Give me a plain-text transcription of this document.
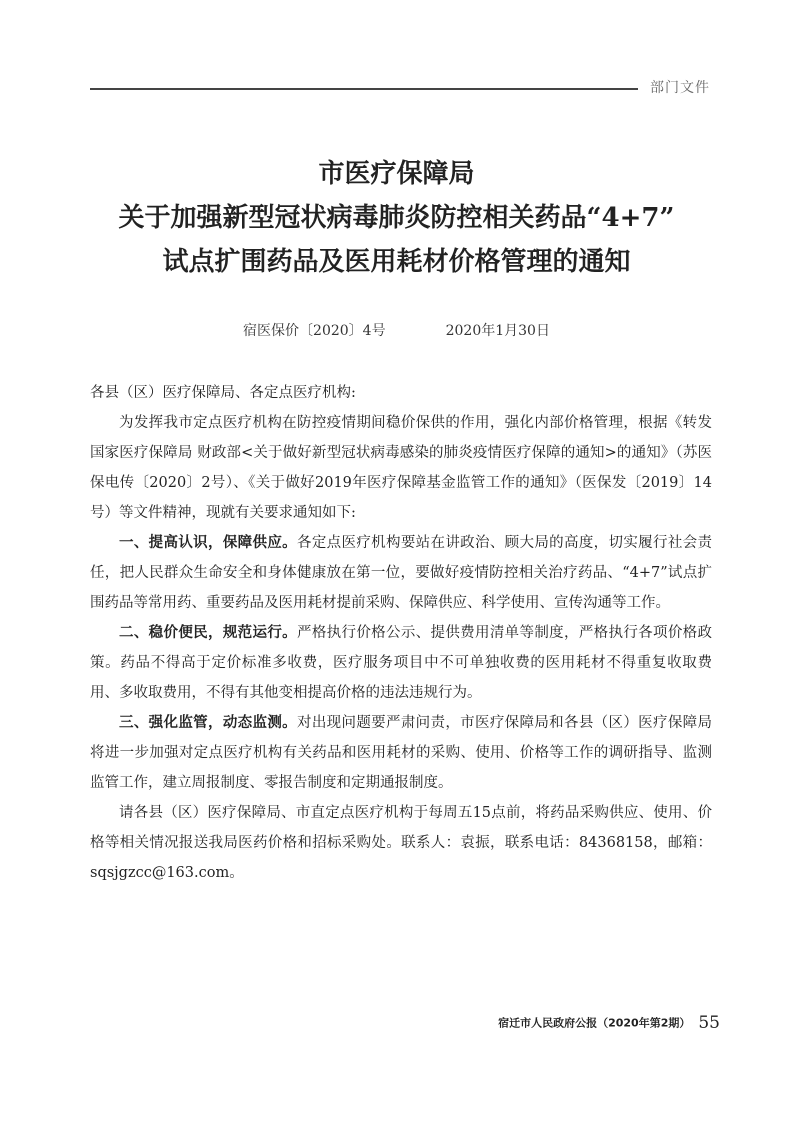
部门文件
市医疗保障局
关于加强新型冠状病毒肺炎防控相关药品“4+7”
试点扩围药品及医用耗材价格管理的通知
宿医保价〔2020〕4号	2020年1月30日

各县（区）医疗保障局、各定点医疗机构:

为发挥我市定点医疗机构在防控疫情期间稳价保供的作用，强化内部价格管理，根据《转发国家医疗保障局 财政部<关于做好新型冠状病毒感染的肺炎疫情医疗保障的通知>的通知》（苏医保电传〔2020〕2号）、《关于做好2019年医疗保障基金监管工作的通知》（医保发〔2019〕14号）等文件精神，现就有关要求通知如下:

一、提高认识，保障供应。各定点医疗机构要站在讲政治、顾大局的高度，切实履行社会责任，把人民群众生命安全和身体健康放在第一位，要做好疫情防控相关治疗药品、“4+7”试点扩围药品等常用药、重要药品及医用耗材提前采购、保障供应、科学使用、宣传沟通等工作。

二、稳价便民，规范运行。严格执行价格公示、提供费用清单等制度，严格执行各项价格政策。药品不得高于定价标准多收费，医疗服务项目中不可单独收费的医用耗材不得重复收取费用、多收取费用，不得有其他变相提高价格的违法违规行为。

三、强化监管，动态监测。对出现问题要严肃问责，市医疗保障局和各县（区）医疗保障局将进一步加强对定点医疗机构有关药品和医用耗材的采购、使用、价格等工作的调研指导、监测监管工作，建立周报制度、零报告制度和定期通报制度。

请各县（区）医疗保障局、市直定点医疗机构于每周五15点前，将药品采购供应、使用、价格等相关情况报送我局医药价格和招标采购处。联系人：袁振，联系电话：84368158，邮箱：sqsjgzcc@163.com。

宿迁市人民政府公报（2020年第2期） 55
